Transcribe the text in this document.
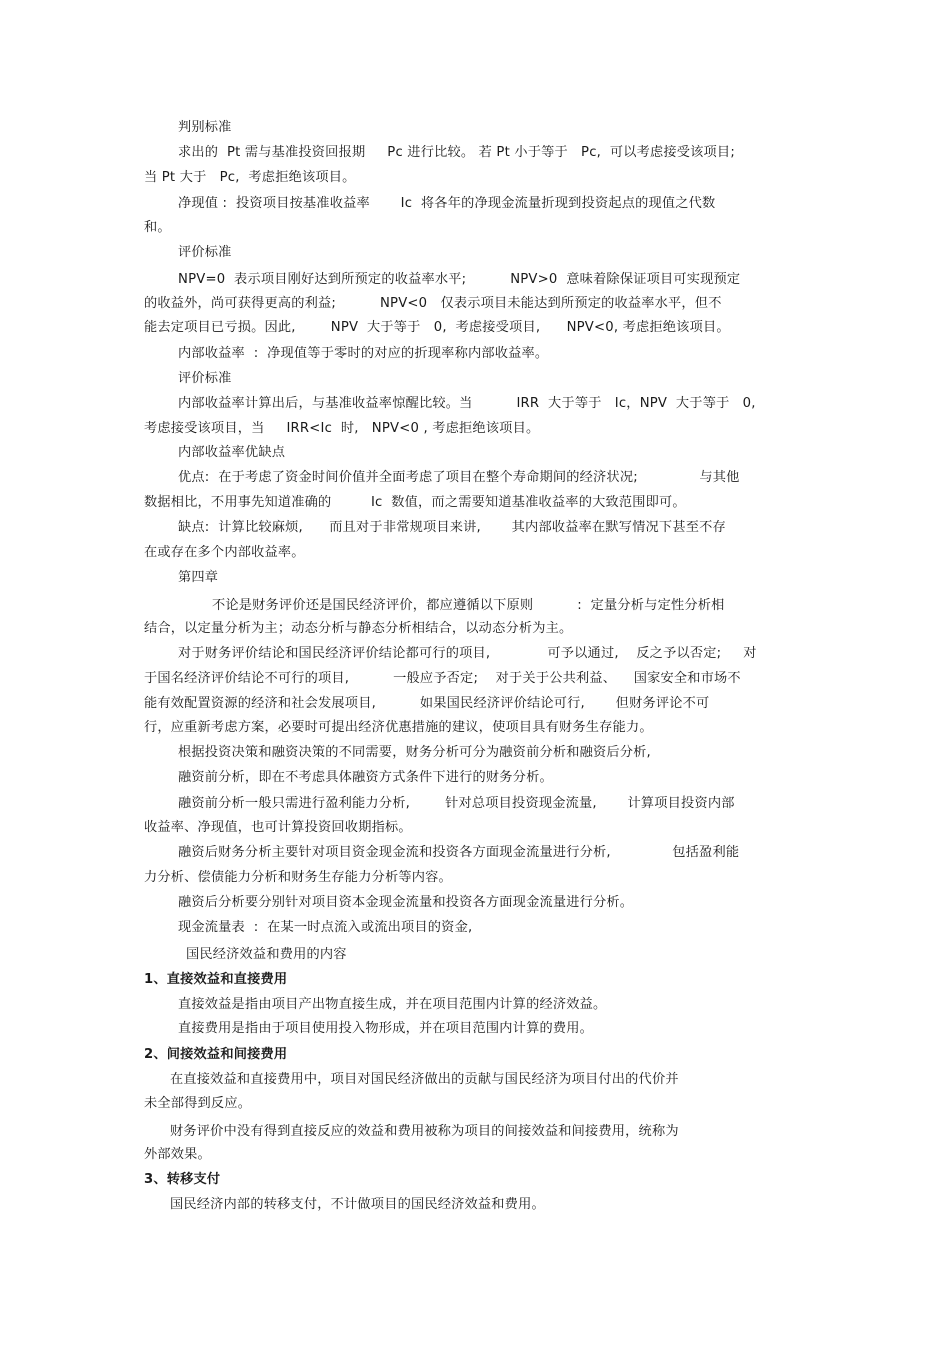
判别标准
求出的  Pt 需与基准投资回报期     Pc 进行比较。 若 Pt 小于等于   Pc,  可以考虑接受该项目;
当 Pt 大于   Pc,  考虑拒绝该项目。
净现值 :  投资项目按基准收益率       Ic  将各年的净现金流量折现到投资起点的现值之代数
和。
评价标准
NPV=0  表示项目刚好达到所预定的收益率水平;          NPV>0  意味着除保证项目可实现预定
的收益外，尚可获得更高的利益;          NPV<0   仅表示项目未能达到所预定的收益率水平，但不
能去定项目已亏损。因此,        NPV  大于等于   0,  考虑接受项目,      NPV<0, 考虑拒绝该项目。
内部收益率  :  净现值等于零时的对应的折现率称内部收益率。
评价标准
内部收益率计算出后，与基准收益率惊醒比较。当          IRR  大于等于   Ic，NPV  大于等于   0,
考虑接受该项目，当     IRR<Ic  时,   NPV<0 , 考虑拒绝该项目。
内部收益率优缺点
优点:  在于考虑了资金时间价值并全面考虑了项目在整个寿命期间的经济状况;              与其他
数据相比，不用事先知道准确的         Ic  数值，而之需要知道基准收益率的大致范围即可。
缺点:  计算比较麻烦,      而且对于非常规项目来讲,       其内部收益率在默写情况下甚至不存
在或存在多个内部收益率。
第四章
不论是财务评价还是国民经济评价，都应遵循以下原则          :  定量分析与定性分析相
结合，以定量分析为主；动态分析与静态分析相结合，以动态分析为主。
对于财务评价结论和国民经济评价结论都可行的项目,             可予以通过,    反之予以否定;     对
于国名经济评价结论不可行的项目,          一般应予否定;    对于关于公共利益、    国家安全和市场不
能有效配置资源的经济和社会发展项目,          如果国民经济评价结论可行,       但财务评论不可
行，应重新考虑方案，必要时可提出经济优惠措施的建议，使项目具有财务生存能力。
根据投资决策和融资决策的不同需要，财务分析可分为融资前分析和融资后分析,
融资前分析，即在不考虑具体融资方式条件下进行的财务分析。
融资前分析一般只需进行盈利能力分析,        针对总项目投资现金流量,       计算项目投资内部
收益率、净现值，也可计算投资回收期指标。
融资后财务分析主要针对项目资金现金流和投资各方面现金流量进行分析,              包括盈利能
力分析、偿债能力分析和财务生存能力分析等内容。
融资后分析要分别针对项目资本金现金流量和投资各方面现金流量进行分析。
现金流量表  :  在某一时点流入或流出项目的资金,
国民经济效益和费用的内容
1、直接效益和直接费用
直接效益是指由项目产出物直接生成，并在项目范围内计算的经济效益。
直接费用是指由于项目使用投入物形成，并在项目范围内计算的费用。
2、间接效益和间接费用
在直接效益和直接费用中，项目对国民经济做出的贡献与国民经济为项目付出的代价并
未全部得到反应。
财务评价中没有得到直接反应的效益和费用被称为项目的间接效益和间接费用，统称为
外部效果。
3、转移支付
国民经济内部的转移支付，不计做项目的国民经济效益和费用。
